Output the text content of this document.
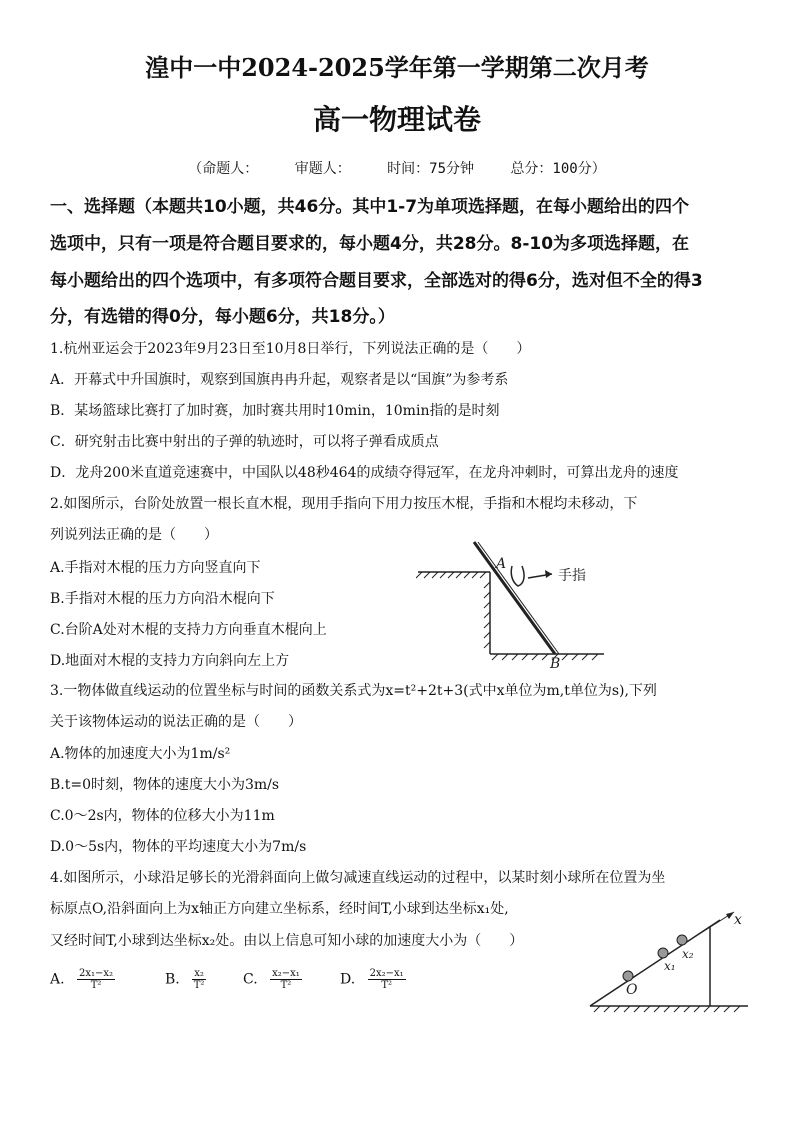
湟中一中2024-2025学年第一学期第二次月考
高一物理试卷
（命题人：	审题人：	时间：75分钟	总分：100分）
一、选择题（本题共10小题，共46分。其中1-7为单项选择题，在每小题给出的四个
选项中，只有一项是符合题目要求的，每小题4分，共28分。8-10为多项选择题，在
每小题给出的四个选项中，有多项符合题目要求，全部选对的得6分，选对但不全的得3
分，有选错的得0分，每小题6分，共18分。）
1.杭州亚运会于2023年9月23日至10月8日举行，下列说法正确的是（　　）
A．开幕式中升国旗时，观察到国旗冉冉升起，观察者是以“国旗”为参考系
B．某场篮球比赛打了加时赛，加时赛共用时10min，10min指的是时刻
C．研究射击比赛中射出的子弹的轨迹时，可以将子弹看成质点
D．龙舟200米直道竞速赛中，中国队以48秒464的成绩夺得冠军，在龙舟冲刺时，可算出龙舟的速度
2.如图所示，台阶处放置一根长直木棍，现用手指向下用力按压木棍，手指和木棍均未移动，下
列说列法正确的是（　　）
A.手指对木棍的压力方向竖直向下
B.手指对木棍的压力方向沿木棍向下
C.台阶A处对木棍的支持力方向垂直木棍向上
D.地面对木棍的支持力方向斜向左上方
A
B
手指
3.一物体做直线运动的位置坐标与时间的函数关系式为x=t²+2t+3(式中x单位为m,t单位为s),下列
关于该物体运动的说法正确的是（　　）
A.物体的加速度大小为1m/s²
B.t=0时刻，物体的速度大小为3m/s
C.0～2s内，物体的位移大小为11m
D.0～5s内，物体的平均速度大小为7m/s
4.如图所示，小球沿足够长的光滑斜面向上做匀减速直线运动的过程中，以某时刻小球所在位置为坐
标原点O,沿斜面向上为x轴正方向建立坐标系，经时间T,小球到达坐标x₁处,
又经时间T,小球到达坐标x₂处。由以上信息可知小球的加速度大小为（　　）
A. $\frac{\text{2x₁−x₂}}{\text{T²}}$	B. $\frac{\text{x₂}}{\text{T²}}$	C. $\frac{\text{x₂−x₁}}{\text{T²}}$	D. $\frac{\text{2x₂−x₁}}{\text{T²}}$	O
x₁
x₂
x
